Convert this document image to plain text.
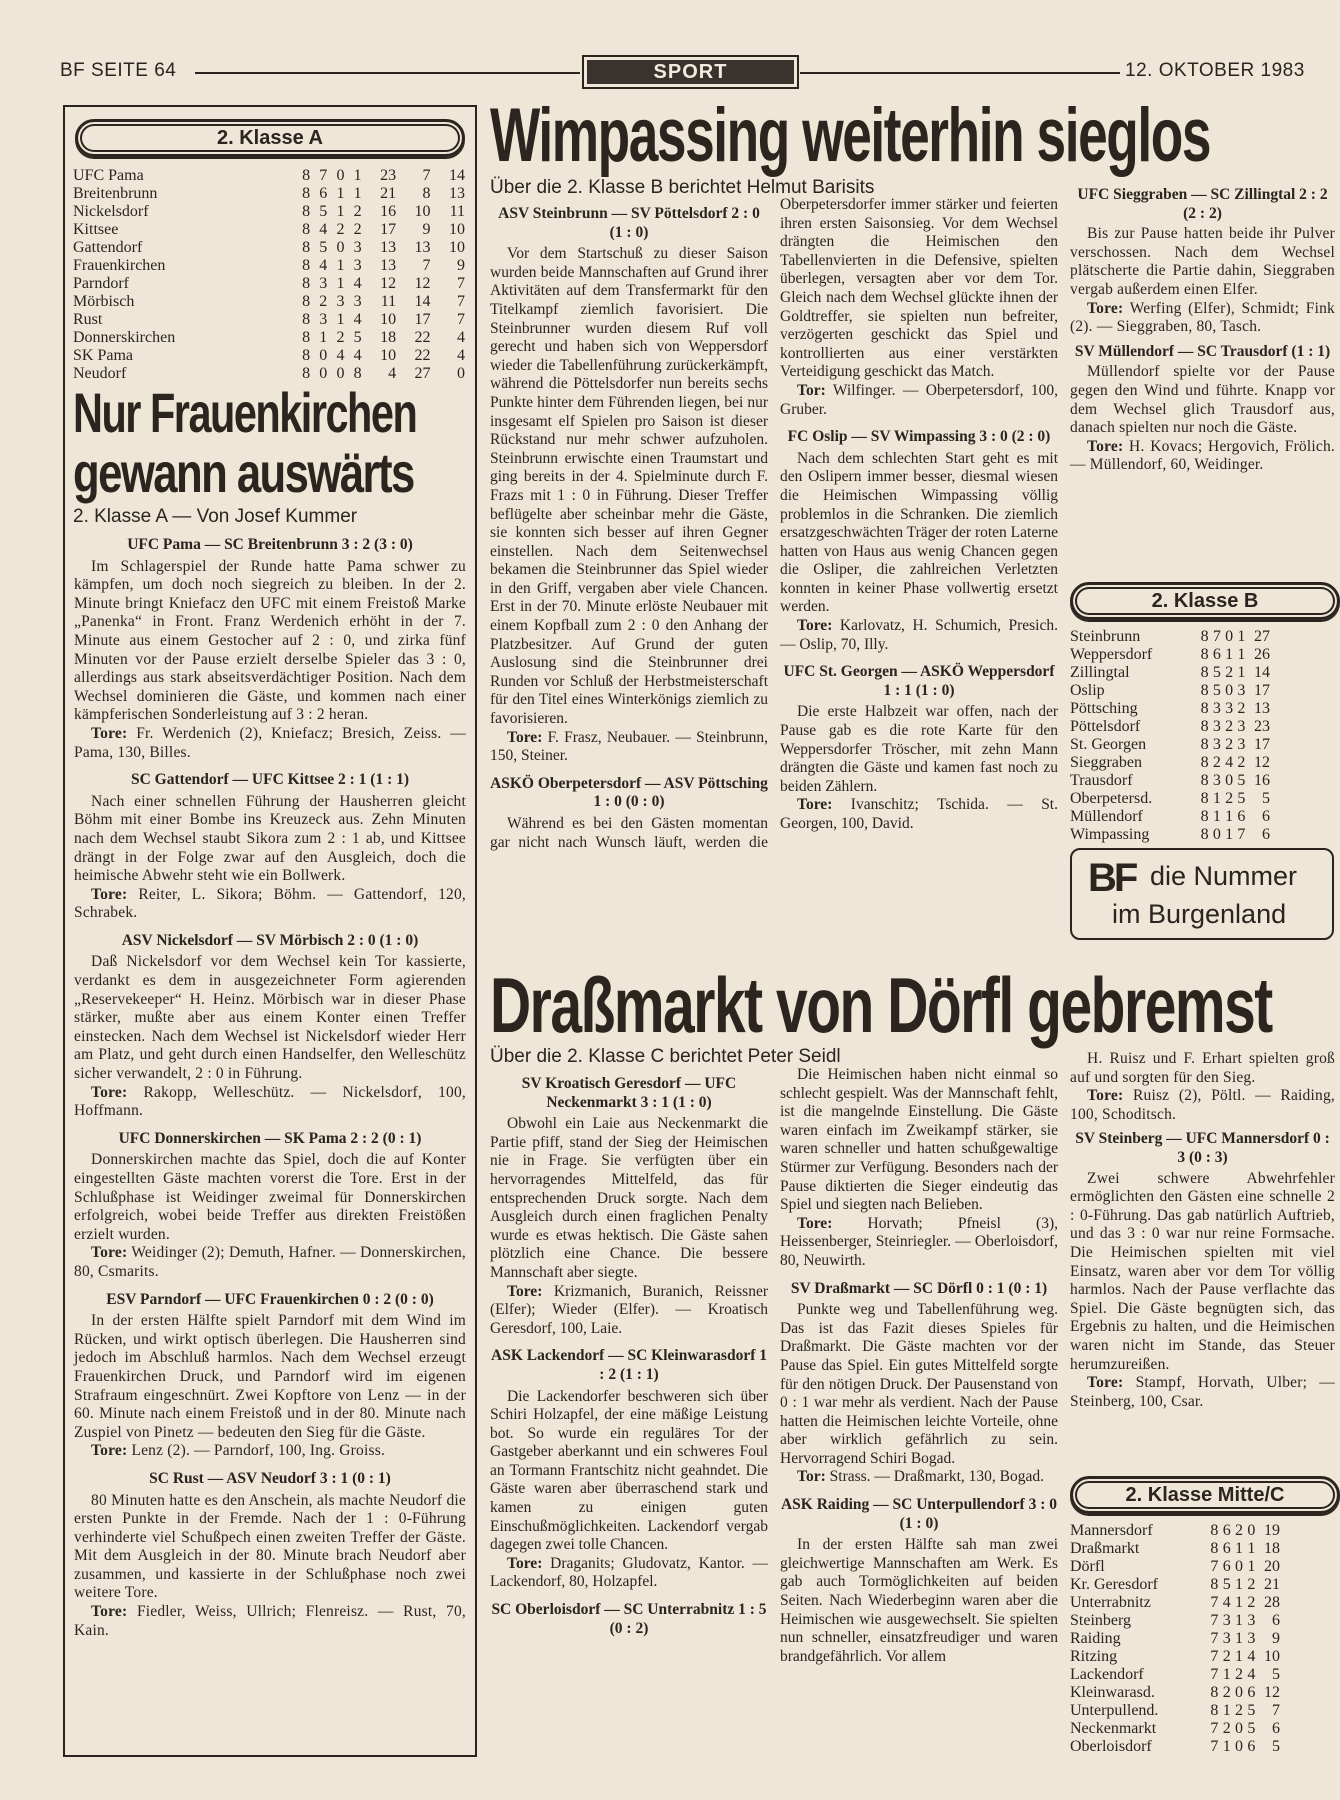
BF SEITE 64	SPORT	12. OKTOBER 1983
2. Klasse A
UFC Pama	8	7	0	1	23	7	14
Breitenbrunn	8	6	1	1	21	8	13
Nickelsdorf	8	5	1	2	16	10	11
Kittsee	8	4	2	2	17	9	10
Gattendorf	8	5	0	3	13	13	10
Frauenkirchen	8	4	1	3	13	7	9
Parndorf	8	3	1	4	12	12	7
Mörbisch	8	2	3	3	11	14	7
Rust	8	3	1	4	10	17	7
Donnerskirchen	8	1	2	5	18	22	4
SK Pama	8	0	4	4	10	22	4
Neudorf	8	0	0	8	4	27	0
Nur Frauenkirchen
gewann auswärts
2. Klasse A — Von Josef Kummer
UFC Pama — SC Breitenbrunn 3 : 2 (3 : 0)

Im Schlagerspiel der Runde hatte Pama schwer zu kämpfen, um doch noch siegreich zu bleiben. In der 2. Minute bringt Kniefacz den UFC mit einem Freistoß Marke „Panenka“ in Front. Franz Werdenich erhöht in der 7. Minute aus einem Gestocher auf 2 : 0, und zirka fünf Minuten vor der Pause erzielt derselbe Spieler das 3 : 0, allerdings aus stark abseitsverdächtiger Position. Nach dem Wechsel dominieren die Gäste, und kommen nach einer kämpferischen Sonderleistung auf 3 : 2 heran.

Tore: Fr. Werdenich (2), Kniefacz; Bresich, Zeiss. — Pama, 130, Billes.

SC Gattendorf — UFC Kittsee 2 : 1 (1 : 1)

Nach einer schnellen Führung der Hausherren gleicht Böhm mit einer Bombe ins Kreuzeck aus. Zehn Minuten nach dem Wechsel staubt Sikora zum 2 : 1 ab, und Kittsee drängt in der Folge zwar auf den Ausgleich, doch die heimische Abwehr steht wie ein Bollwerk.

Tore: Reiter, L. Sikora; Böhm. — Gattendorf, 120, Schrabek.

ASV Nickelsdorf — SV Mörbisch 2 : 0 (1 : 0)

Daß Nickelsdorf vor dem Wechsel kein Tor kassierte, verdankt es dem in ausgezeichneter Form agierenden „Reservekeeper“ H. Heinz. Mörbisch war in dieser Phase stärker, mußte aber aus einem Konter einen Treffer einstecken. Nach dem Wechsel ist Nickelsdorf wieder Herr am Platz, und geht durch einen Handselfer, den Welleschütz sicher verwandelt, 2 : 0 in Führung.

Tore: Rakopp, Welleschütz. — Nickelsdorf, 100, Hoffmann.

UFC Donnerskirchen — SK Pama 2 : 2 (0 : 1)

Donnerskirchen machte das Spiel, doch die auf Konter eingestellten Gäste machten vorerst die Tore. Erst in der Schlußphase ist Weidinger zweimal für Donnerskirchen erfolgreich, wobei beide Treffer aus direkten Freistößen erzielt wurden.

Tore: Weidinger (2); Demuth, Hafner. — Donnerskirchen, 80, Csmarits.

ESV Parndorf — UFC Frauenkirchen 0 : 2 (0 : 0)

In der ersten Hälfte spielt Parndorf mit dem Wind im Rücken, und wirkt optisch überlegen. Die Hausherren sind jedoch im Abschluß harmlos. Nach dem Wechsel erzeugt Frauenkirchen Druck, und Parndorf wird im eigenen Strafraum eingeschnürt. Zwei Kopftore von Lenz — in der 60. Minute nach einem Freistoß und in der 80. Minute nach Zuspiel von Pinetz — bedeuten den Sieg für die Gäste.

Tore: Lenz (2). — Parndorf, 100, Ing. Groiss.

SC Rust — ASV Neudorf 3 : 1 (0 : 1)

80 Minuten hatte es den Anschein, als machte Neudorf die ersten Punkte in der Fremde. Nach der 1 : 0-Führung verhinderte viel Schußpech einen zweiten Treffer der Gäste. Mit dem Ausgleich in der 80. Minute brach Neudorf aber zusammen, und kassierte in der Schlußphase noch zwei weitere Tore.

Tore: Fiedler, Weiss, Ullrich; Flenreisz. — Rust, 70, Kain.

Wimpassing weiterhin sieglos
Über die 2. Klasse B berichtet Helmut Barisits
ASV Steinbrunn — SV Pöttelsdorf 2 : 0 (1 : 0)

Vor dem Startschuß zu dieser Saison wurden beide Mannschaften auf Grund ihrer Aktivitäten auf dem Transfermarkt für den Titelkampf ziemlich favorisiert. Die Steinbrunner wurden diesem Ruf voll gerecht und haben sich von Weppersdorf wieder die Tabellenführung zurückerkämpft, während die Pöttelsdorfer nun bereits sechs Punkte hinter dem Führenden liegen, bei nur insgesamt elf Spielen pro Saison ist dieser Rückstand nur mehr schwer aufzuholen. Steinbrunn erwischte einen Traumstart und ging bereits in der 4. Spielminute durch F. Frazs mit 1 : 0 in Führung. Dieser Treffer beflügelte aber scheinbar mehr die Gäste, sie konnten sich besser auf ihren Gegner einstellen. Nach dem Seitenwechsel bekamen die Steinbrunner das Spiel wieder in den Griff, vergaben aber viele Chancen. Erst in der 70. Minute erlöste Neubauer mit einem Kopfball zum 2 : 0 den Anhang der Platzbesitzer. Auf Grund der guten Auslosung sind die Steinbrunner drei Runden vor Schluß der Herbstmeisterschaft für den Titel eines Winterkönigs ziemlich zu favorisieren.

Tore: F. Frasz, Neubauer. — Steinbrunn, 150, Steiner.

ASKÖ Oberpetersdorf — ASV Pöttsching 1 : 0 (0 : 0)

Während es bei den Gästen momentan gar nicht nach Wunsch läuft, werden die Oberpetersdorfer immer stärker und feierten ihren ersten Saisonsieg. Vor dem Wechsel drängten die Heimischen den Tabellenvierten in die Defensive, spielten überlegen, versagten aber vor dem Tor. Gleich nach dem Wechsel glückte ihnen der Goldtreffer, sie spielten nun befreiter, verzögerten geschickt das Spiel und kontrollierten aus einer verstärkten Verteidigung geschickt das Match.

Tor: Wilfinger. — Oberpetersdorf, 100, Gruber.

FC Oslip — SV Wimpassing 3 : 0 (2 : 0)

Nach dem schlechten Start geht es mit den Oslipern immer besser, diesmal wiesen die Heimischen Wimpassing völlig problemlos in die Schranken. Die ziemlich ersatzgeschwächten Träger der roten Laterne hatten von Haus aus wenig Chancen gegen die Osliper, die zahlreichen Verletzten konnten in keiner Phase vollwertig ersetzt werden.

Tore: Karlovatz, H. Schumich, Presich. — Oslip, 70, Illy.

UFC St. Georgen — ASKÖ Weppersdorf 1 : 1 (1 : 0)

Die erste Halbzeit war offen, nach der Pause gab es die rote Karte für den Weppersdorfer Tröscher, mit zehn Mann drängten die Gäste und kamen fast noch zu beiden Zählern.

Tore: Ivanschitz; Tschida. — St. Georgen, 100, David.

UFC Sieggraben — SC Zillingtal 2 : 2 (2 : 2)

Bis zur Pause hatten beide ihr Pulver verschossen. Nach dem Wechsel plätscherte die Partie dahin, Sieggraben vergab außerdem einen Elfer.

Tore: Werfing (Elfer), Schmidt; Fink (2). — Sieggraben, 80, Tasch.

SV Müllendorf — SC Trausdorf (1 : 1)

Müllendorf spielte vor der Pause gegen den Wind und führte. Knapp vor dem Wechsel glich Trausdorf aus, danach spielten nur noch die Gäste.

Tore: H. Kovacs; Hergovich, Frölich. — Müllendorf, 60, Weidinger.

2. Klasse B
Steinbrunn	8	7	0	1	27
Weppersdorf	8	6	1	1	26
Zillingtal	8	5	2	1	14
Oslip	8	5	0	3	17
Pöttsching	8	3	3	2	13
Pöttelsdorf	8	3	2	3	23
St. Georgen	8	3	2	3	17
Sieggraben	8	2	4	2	12
Trausdorf	8	3	0	5	16
Oberpetersd.	8	1	2	5	5
Müllendorf	8	1	1	6	6
Wimpassing	8	0	1	7	6
BF die Nummer
im Burgenland
Draßmarkt von Dörfl gebremst
Über die 2. Klasse C berichtet Peter Seidl
SV Kroatisch Geresdorf — UFC Neckenmarkt 3 : 1 (1 : 0)

Obwohl ein Laie aus Neckenmarkt die Partie pfiff, stand der Sieg der Heimischen nie in Frage. Sie verfügten über ein hervorragendes Mittelfeld, das für entsprechenden Druck sorgte. Nach dem Ausgleich durch einen fraglichen Penalty wurde es etwas hektisch. Die Gäste sahen plötzlich eine Chance. Die bessere Mannschaft aber siegte.

Tore: Krizmanich, Buranich, Reissner (Elfer); Wieder (Elfer). — Kroatisch Geresdorf, 100, Laie.

ASK Lackendorf — SC Kleinwarasdorf 1 : 2 (1 : 1)

Die Lackendorfer beschweren sich über Schiri Holzapfel, der eine mäßige Leistung bot. So wurde ein reguläres Tor der Gastgeber aberkannt und ein schweres Foul an Tormann Frantschitz nicht geahndet. Die Gäste waren aber überraschend stark und kamen zu einigen guten Einschußmöglichkeiten. Lackendorf vergab dagegen zwei tolle Chancen.

Tore: Draganits; Gludovatz, Kantor. — Lackendorf, 80, Holzapfel.

SC Oberloisdorf — SC Unterrabnitz 1 : 5 (0 : 2)

Die Heimischen haben nicht einmal so schlecht gespielt. Was der Mannschaft fehlt, ist die mangelnde Einstellung. Die Gäste waren einfach im Zweikampf stärker, sie waren schneller und hatten schußgewaltige Stürmer zur Verfügung. Besonders nach der Pause diktierten die Sieger eindeutig das Spiel und siegten nach Belieben.

Tore: Horvath; Pfneisl (3), Heissenberger, Steinriegler. — Oberloisdorf, 80, Neuwirth.

SV Draßmarkt — SC Dörfl 0 : 1 (0 : 1)

Punkte weg und Tabellenführung weg. Das ist das Fazit dieses Spieles für Draßmarkt. Die Gäste machten vor der Pause das Spiel. Ein gutes Mittelfeld sorgte für den nötigen Druck. Der Pausenstand von 0 : 1 war mehr als verdient. Nach der Pause hatten die Heimischen leichte Vorteile, ohne aber wirklich gefährlich zu sein. Hervorragend Schiri Bogad.

Tor: Strass. — Draßmarkt, 130, Bogad.

ASK Raiding — SC Unterpullendorf 3 : 0 (1 : 0)

In der ersten Hälfte sah man zwei gleichwertige Mannschaften am Werk. Es gab auch Tormöglichkeiten auf beiden Seiten. Nach Wiederbeginn waren aber die Heimischen wie ausgewechselt. Sie spielten nun schneller, einsatzfreudiger und waren brandgefährlich. Vor allem

H. Ruisz und F. Erhart spielten groß auf und sorgten für den Sieg.

Tore: Ruisz (2), Pöltl. — Raiding, 100, Schoditsch.

SV Steinberg — UFC Mannersdorf 0 : 3 (0 : 3)

Zwei schwere Abwehrfehler ermöglichten den Gästen eine schnelle 2 : 0-Führung. Das gab natürlich Auftrieb, und das 3 : 0 war nur reine Formsache. Die Heimischen spielten mit viel Einsatz, waren aber vor dem Tor völlig harmlos. Nach der Pause verflachte das Spiel. Die Gäste begnügten sich, das Ergebnis zu halten, und die Heimischen waren nicht im Stande, das Steuer herumzureißen.

Tore: Stampf, Horvath, Ulber; — Steinberg, 100, Csar.

2. Klasse Mitte/C
Mannersdorf	8	6	2	0	19
Draßmarkt	8	6	1	1	18
Dörfl	7	6	0	1	20
Kr. Geresdorf	8	5	1	2	21
Unterrabnitz	7	4	1	2	28
Steinberg	7	3	1	3	6
Raiding	7	3	1	3	9
Ritzing	7	2	1	4	10
Lackendorf	7	1	2	4	5
Kleinwarasd.	8	2	0	6	12
Unterpullend.	8	1	2	5	7
Neckenmarkt	7	2	0	5	6
Oberloisdorf	7	1	0	6	5
